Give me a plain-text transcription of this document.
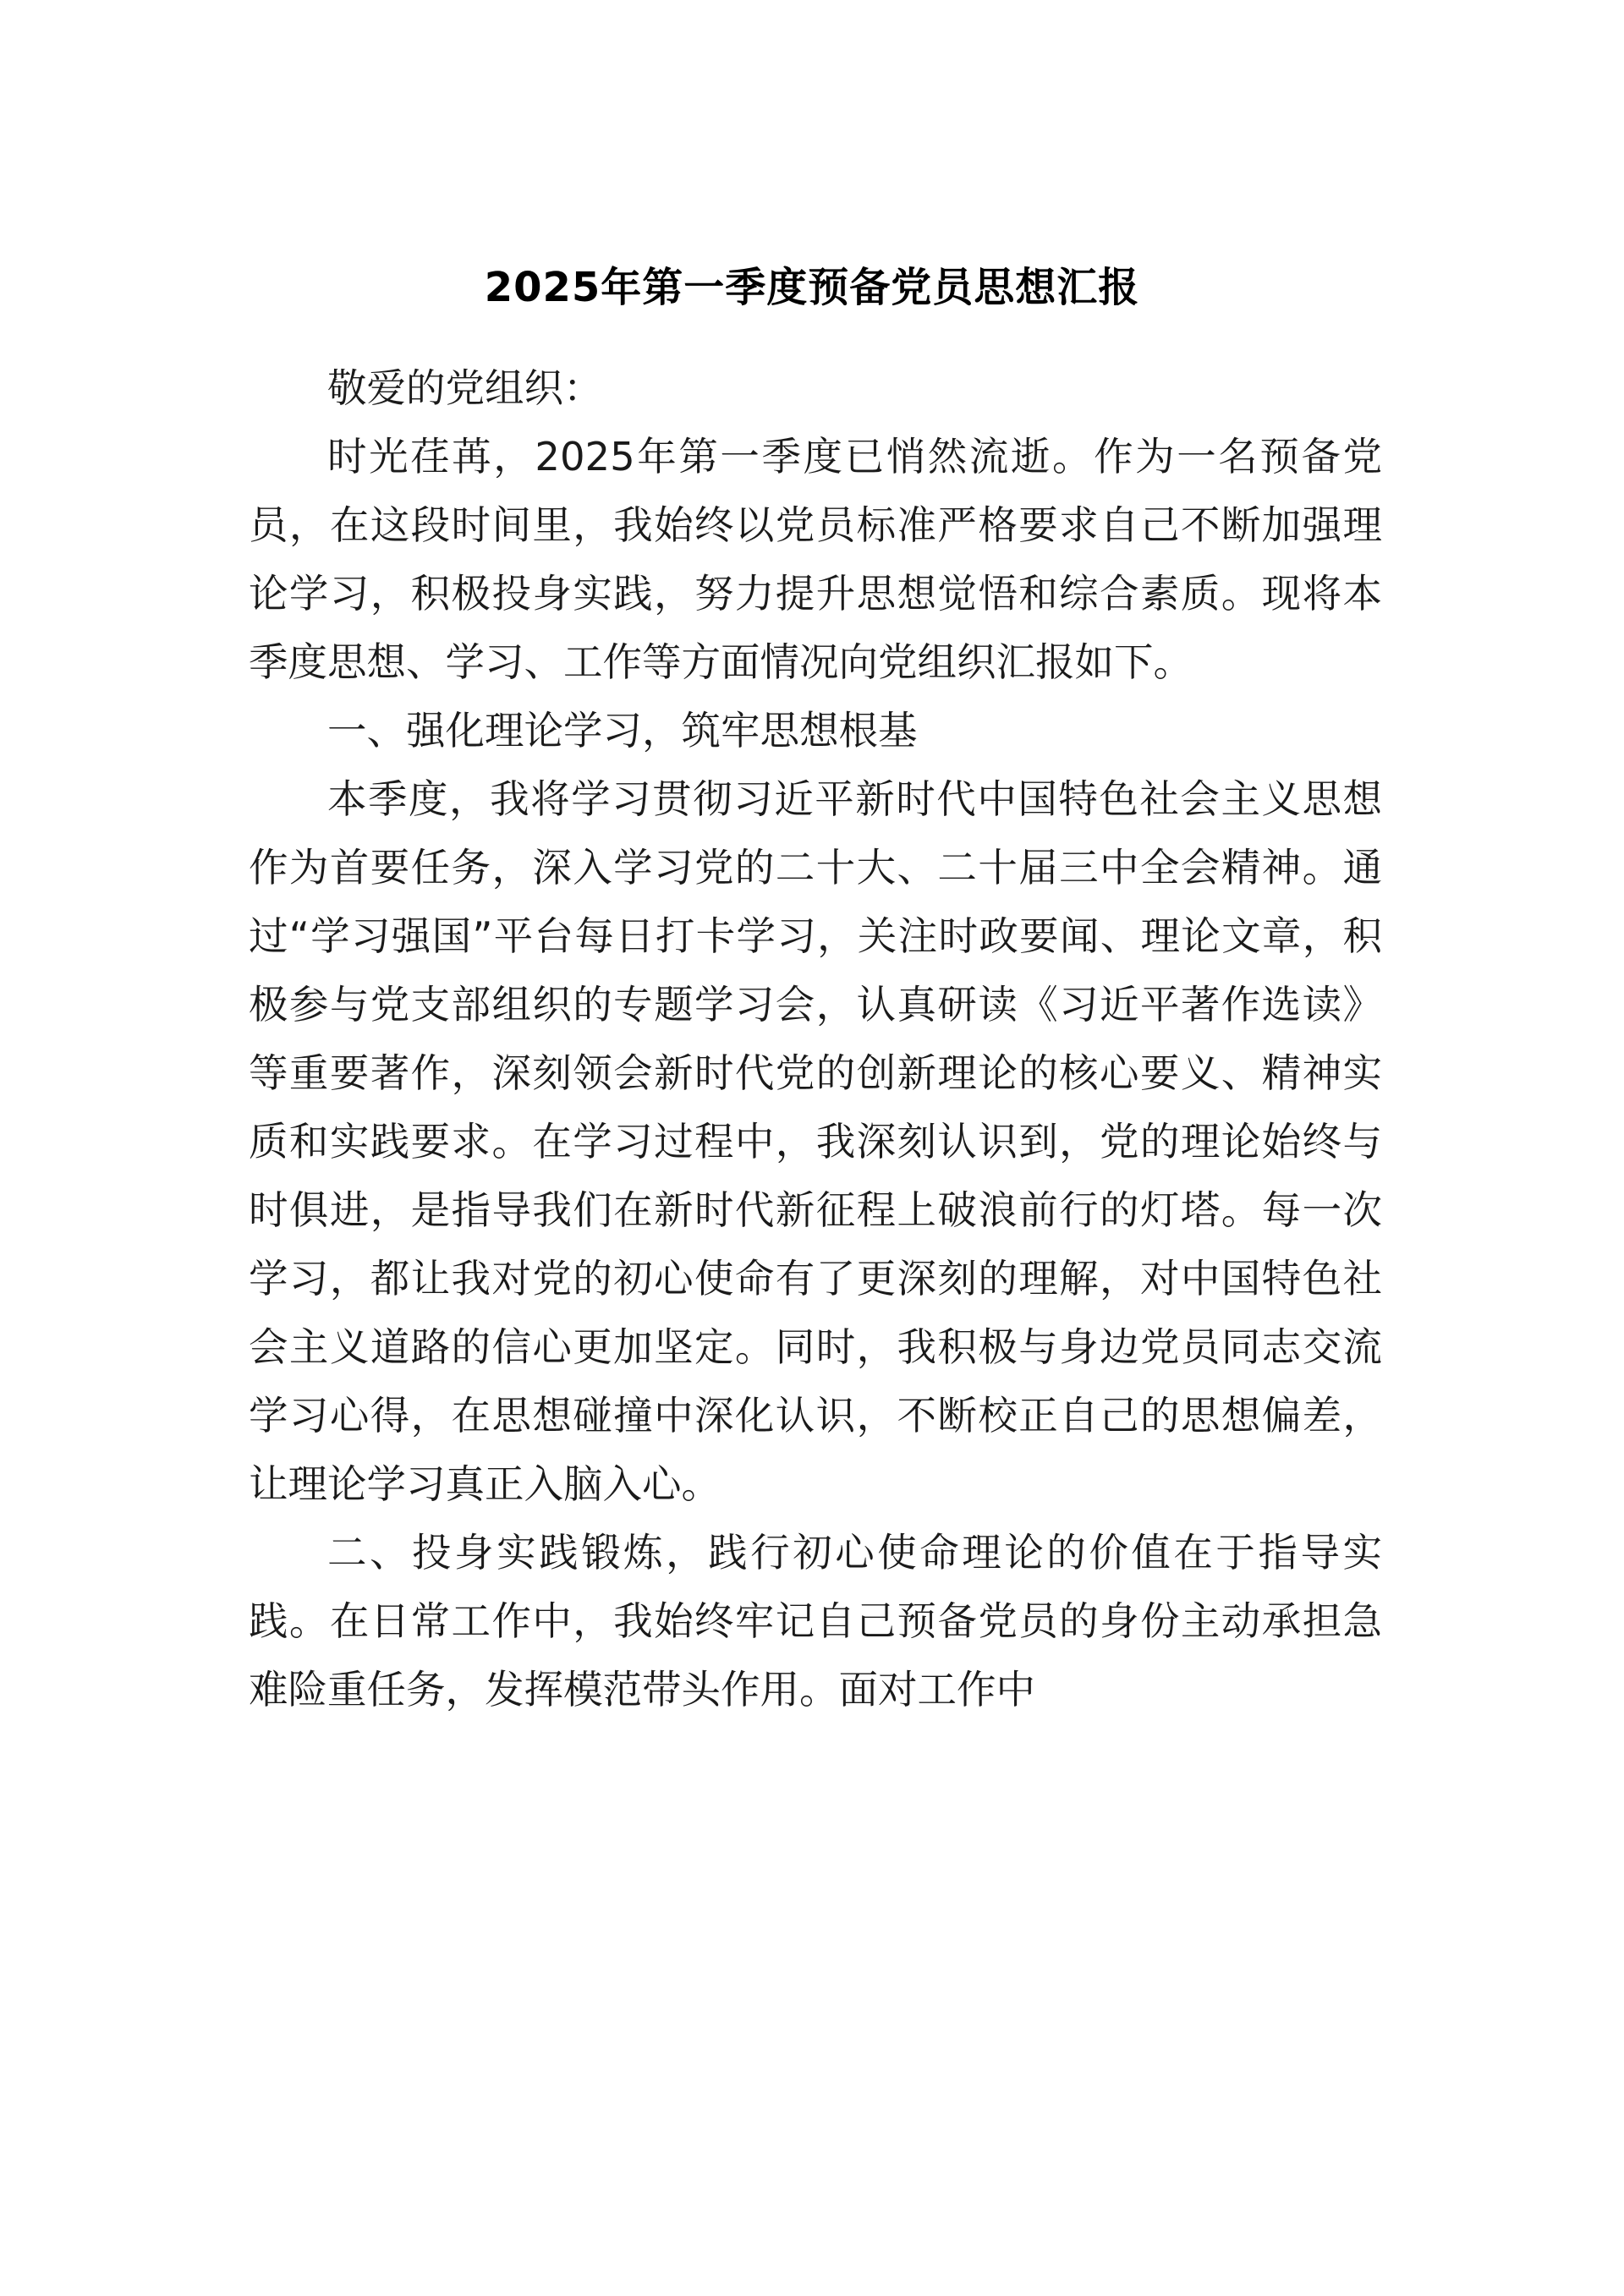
2025年第一季度预备党员思想汇报

敬爱的党组织：

时光荏苒，2025年第一季度已悄然流逝。作为一名预备党员，在这段时间里，我始终以党员标准严格要求自己不断加强理论学习，积极投身实践，努力提升思想觉悟和综合素质。现将本季度思想、学习、工作等方面情况向党组织汇报如下。

一、强化理论学习，筑牢思想根基

本季度，我将学习贯彻习近平新时代中国特色社会主义思想作为首要任务，深入学习党的二十大、二十届三中全会精神。通过“学习强国”平台每日打卡学习，关注时政要闻、理论文章，积极参与党支部组织的专题学习会，认真研读《习近平著作选读》等重要著作，深刻领会新时代党的创新理论的核心要义、精神实质和实践要求。在学习过程中，我深刻认识到，党的理论始终与时俱进，是指导我们在新时代新征程上破浪前行的灯塔。每一次学习，都让我对党的初心使命有了更深刻的理解，对中国特色社会主义道路的信心更加坚定。同时，我积极与身边党员同志交流学习心得，在思想碰撞中深化认识，不断校正自己的思想偏差，让理论学习真正入脑入心。

二、投身实践锻炼，践行初心使命理论的价值在于指导实践。在日常工作中，我始终牢记自己预备党员的身份主动承担急难险重任务，发挥模范带头作用。面对工作中
